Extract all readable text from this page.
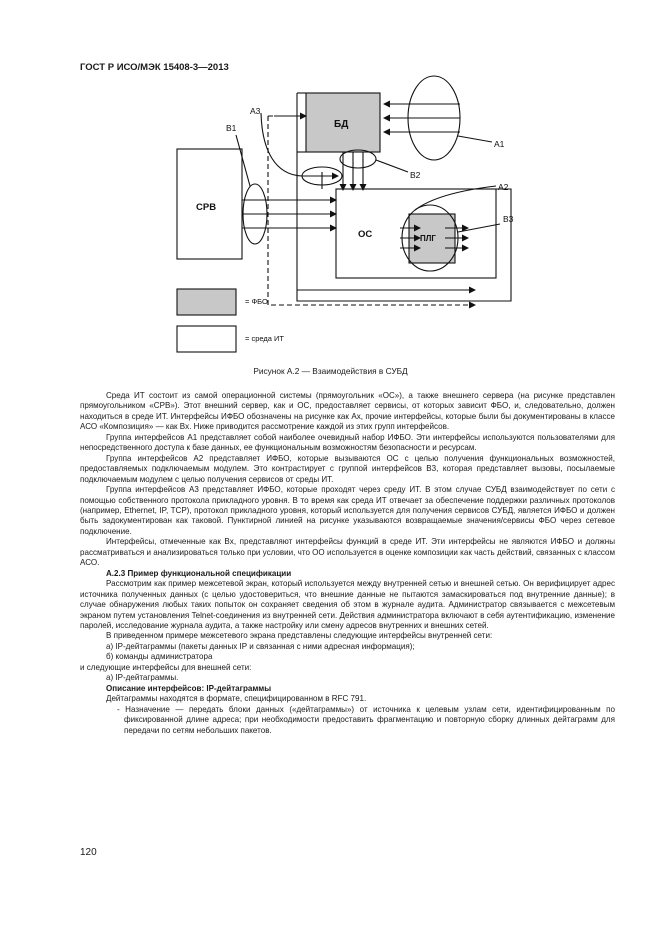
ГОСТ Р ИСО/МЭК 15408-3—2013
БД
СРВ
ОС	ПЛГ
A1
A2
A3
B1
B2
B3
= ФБО
= среда ИТ
Рисунок А.2 — Взаимодействия в СУБД

Среда ИТ состоит из самой операционной системы (прямоугольник «ОС»), а также внешнего сервера (на рисунке представлен прямоугольником «СРВ»). Этот внешний сервер, как и ОС, предоставляет сервисы, от которых зависит ФБО, и, следовательно, должен находиться в среде ИТ. Интерфейсы ИФБО обозначены на рисунке как Ax, прочие интерфейсы, которые были бы документированы в классе АСО «Композиция» — как Bx. Ниже приводится рассмотрение каждой из этих групп интерфейсов.

Группа интерфейсов A1 представляет собой наиболее очевидный набор ИФБО. Эти интерфейсы используются пользователями для непосредственного доступа к базе данных, ее функциональным возможностям безопасности и ресурсам.

Группа интерфейсов A2 представляет ИФБО, которые вызываются ОС с целью получения функциональных возможностей, предоставляемых подключаемым модулем. Это контрастирует с группой интерфейсов B3, которая представляет вызовы, посылаемые подключаемым модулем с целью получения сервисов от среды ИТ.

Группа интерфейсов A3 представляет ИФБО, которые проходят через среду ИТ. В этом случае СУБД взаимодействует по сети с помощью собственного протокола прикладного уровня. В то время как среда ИТ отвечает за обеспечение поддержки различных протоколов (например, Ethernet, IP, TCP), протокол прикладного уровня, который используется для получения сервисов СУБД, является ИФБО и должен быть задокументирован как таковой. Пунктирной линией на рисунке указываются возвращаемые значения/сервисы ФБО через сетевое подключение.

Интерфейсы, отмеченные как Bx, представляют интерфейсы функций в среде ИТ. Эти интерфейсы не являются ИФБО и должны рассматриваться и анализироваться только при условии, что ОО используется в оценке композиции как часть действий, связанных с классом АСО.

А.2.3 Пример функциональной спецификации

Рассмотрим как пример межсетевой экран, который используется между внутренней сетью и внешней сетью. Он верифицирует адрес источника полученных данных (с целью удостовериться, что внешние данные не пытаются замаскироваться под внутренние данные); в случае обнаружения любых таких попыток он сохраняет сведения об этом в журнале аудита. Администратор связывается с межсетевым экраном путем установления Telnet-соединения из внутренней сети. Действия администратора включают в себя аутентификацию, изменение паролей, исследование журнала аудита, а также настройку или смену адресов внутренних и внешних сетей.

В приведенном примере межсетевого экрана представлены следующие интерфейсы внутренней сети:

а) IP-дейтаграммы (пакеты данных IP и связанная с ними адресная информация);

б) команды администратора

и следующие интерфейсы для внешней сети:

а) IP-дейтаграммы.

Описание интерфейсов: IP-дейтаграммы

Дейтаграммы находятся в формате, специфицированном в RFC 791.

- Назначение — передать блоки данных («дейтаграммы») от источника к целевым узлам сети, идентифицированным по фиксированной длине адреса; при необходимости предоставить фрагментацию и повторную сборку длинных дейтаграмм для передачи по сетям небольших пакетов.

120
